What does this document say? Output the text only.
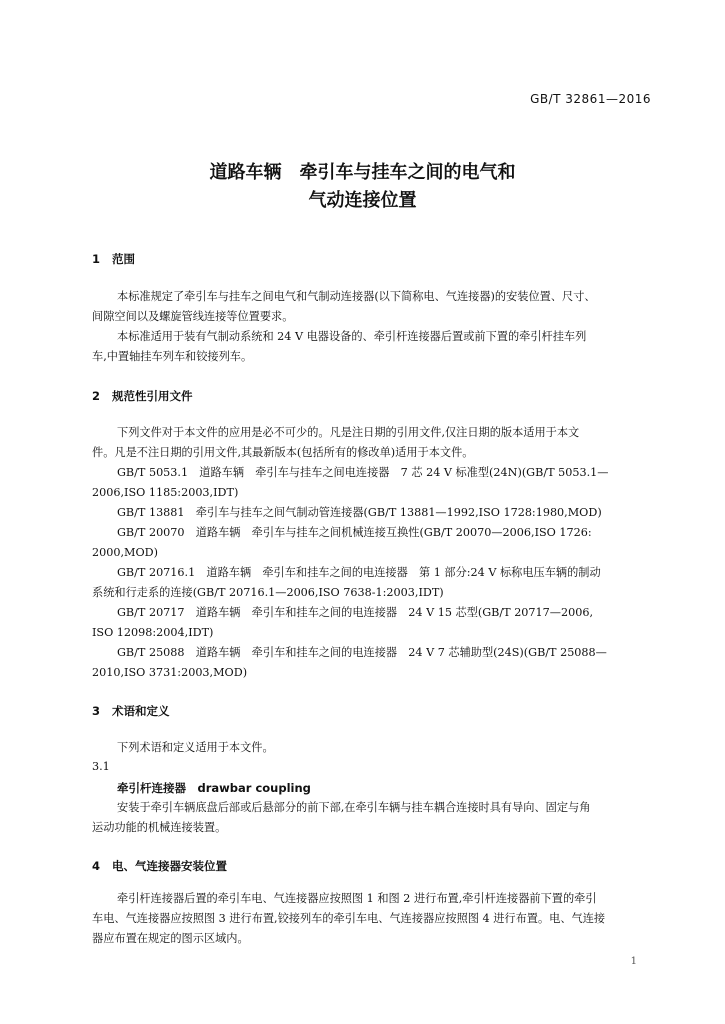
GB/T 32861—2016
道路车辆　牵引车与挂车之间的电气和
气动连接位置
1 范围
本标准规定了牵引车与挂车之间电气和气制动连接器(以下简称电、气连接器)的安装位置、尺寸、
间隙空间以及螺旋管线连接等位置要求。
本标准适用于装有气制动系统和 24 V 电器设备的、牵引杆连接器后置或前下置的牵引杆挂车列
车,中置轴挂车列车和铰接列车。
2 规范性引用文件
下列文件对于本文件的应用是必不可少的。凡是注日期的引用文件,仅注日期的版本适用于本文
件。凡是不注日期的引用文件,其最新版本(包括所有的修改单)适用于本文件。
GB/T 5053.1　道路车辆　牵引车与挂车之间电连接器　7 芯 24 V 标准型(24N)(GB/T 5053.1—
2006,ISO 1185:2003,IDT)
GB/T 13881　牵引车与挂车之间气制动管连接器(GB/T 13881—1992,ISO 1728:1980,MOD)
GB/T 20070　道路车辆　牵引车与挂车之间机械连接互换性(GB/T 20070—2006,ISO 1726:
2000,MOD)
GB/T 20716.1　道路车辆　牵引车和挂车之间的电连接器　第 1 部分:24 V 标称电压车辆的制动
系统和行走系的连接(GB/T 20716.1—2006,ISO 7638-1:2003,IDT)
GB/T 20717　道路车辆　牵引车和挂车之间的电连接器　24 V 15 芯型(GB/T 20717—2006,
ISO 12098:2004,IDT)
GB/T 25088　道路车辆　牵引车和挂车之间的电连接器　24 V 7 芯辅助型(24S)(GB/T 25088—
2010,ISO 3731:2003,MOD)
3 术语和定义
下列术语和定义适用于本文件。
3.1
牵引杆连接器　drawbar coupling
安装于牵引车辆底盘后部或后悬部分的前下部,在牵引车辆与挂车耦合连接时具有导向、固定与角
运动功能的机械连接装置。
4 电、气连接器安装位置
牵引杆连接器后置的牵引车电、气连接器应按照图 1 和图 2 进行布置,牵引杆连接器前下置的牵引
车电、气连接器应按照图 3 进行布置,铰接列车的牵引车电、气连接器应按照图 4 进行布置。电、气连接
器应布置在规定的图示区域内。
1
